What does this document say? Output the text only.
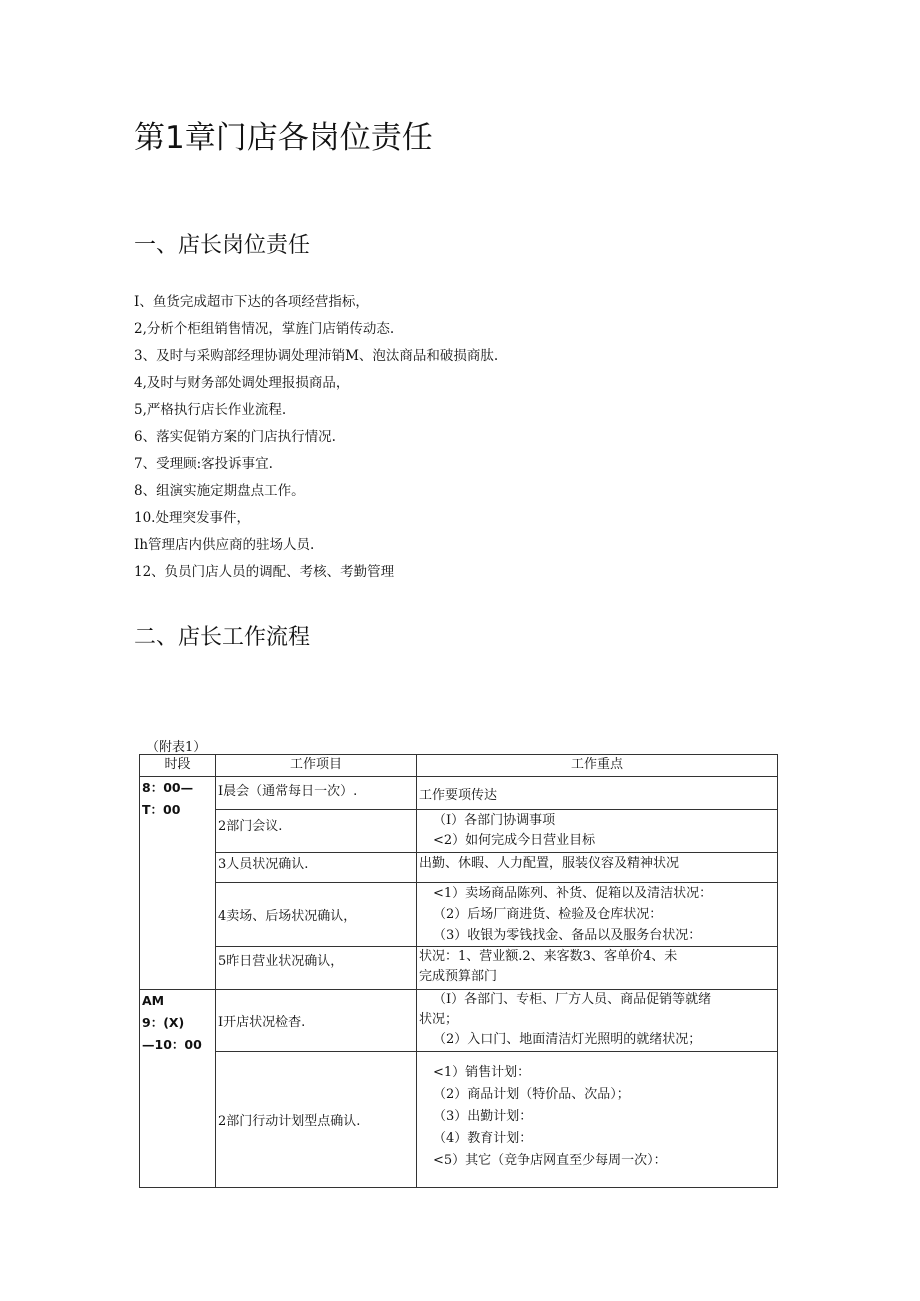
第1章门店各岗位责任
一、店长岗位责任
I、鱼货完成超市下达的各项经营指标，
2,分析个柜组销售情况，掌旌门店销传动态.
3、及时与采购部经理协调处理沛销M、泡汰商品和破损商肽.
4,及时与财务部处调处理报损商品，
5,严格执行店长作业流程.
6、落实促销方案的门店执行情况.
7、受理顾:客投诉事宜.
8、组演实施定期盘点工作。
10.处理突发事件，
Ih管理店内供应商的驻场人员.
12、负员门店人员的调配、考核、考勤管理
二、店长工作流程
（附表1）
时段	工作项目	工作重点

8：00—
T：00	I晨会（通常每日一次）.	工作要项传达

	2部门会议.	（I）各部门协调事项
<2）如何完成今日营业目标

	3人员状况确认.	出勤、休暇、人力配置，服装仪容及精神状况

	4卖场、后场状况确认，	<1）卖场商品陈列、补货、促箱以及清洁状况：
（2）后场厂商进货、检验及仓库状况：
（3）收银为零钱找金、备品以及服务台状况：

	5昨日营业状况确认，	状况：1、营业额.2、来客数3、客单价4、未
完成预算部门

AM
9：(X)
—10：00	I开店状况检杳.	（I）各部门、专柜、厂方人员、商品促销等就绪
状况；
（2）入口门、地面清洁灯光照明的就绪状况；

	2部门行动计划型点确认.	<1）销售计划：
（2）商品计划（特价品、次品）；
（3）出勤计划：
（4）教育计划：
<5）其它（竞争店网直至少每周一次）：
